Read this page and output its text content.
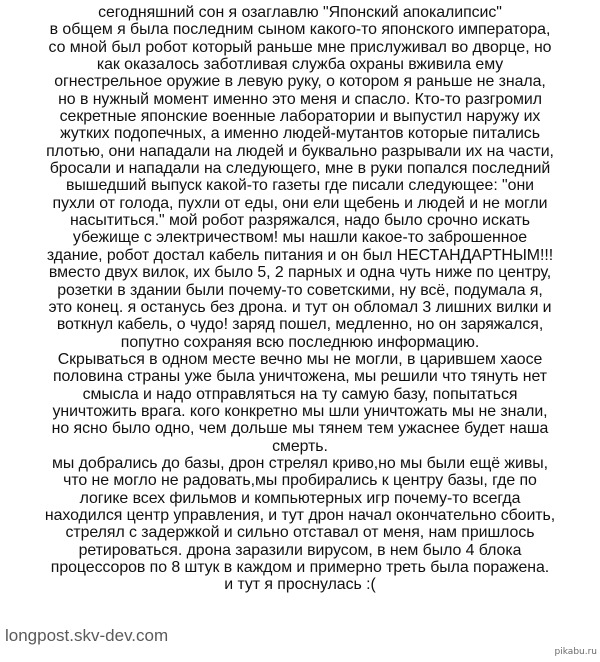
сегодняшний сон я озаглавлю "Японский апокалипсис"
в общем я была последним сыном какого-то японского императора,
со мной был робот который раньше мне прислуживал во дворце, но
как оказалось заботливая служба охраны вживила ему
огнестрельное оружие в левую руку, о котором я раньше не знала,
но в нужный момент именно это меня и спасло. Кто-то разгромил
секретные японские военные лаборатории и выпустил наружу их
жутких подопечных, а именно людей-мутантов которые питались
плотью, они нападали на людей и буквально разрывали их на части,
бросали и нападали на следующего, мне в руки попался последний
вышедший выпуск какой-то газеты где писали следующее: "они
пухли от голода, пухли от еды, они ели щебень и людей и не могли
насытиться." мой робот разряжался, надо было срочно искать
убежище с электричеством! мы нашли какое-то заброшенное
здание, робот достал кабель питания и он был НЕСТАНДАРТНЫМ!!!
вместо двух вилок, их было 5, 2 парных и одна чуть ниже по центру,
розетки в здании были почему-то советскими, ну всё, подумала я,
это конец. я останусь без дрона. и тут он обломал 3 лишних вилки и
воткнул кабель, о чудо! заряд пошел, медленно, но он заряжался,
попутно сохраняя всю последнюю информацию.
Скрываться в одном месте вечно мы не могли, в царившем хаосе
половина страны уже была уничтожена, мы решили что тянуть нет
смысла и надо отправляться на ту самую базу, попытаться
уничтожить врага. кого конкретно мы шли уничтожать мы не знали,
но ясно было одно, чем дольше мы тянем тем ужаснее будет наша
смерть.
мы добрались до базы, дрон стрелял криво,но мы были ещё живы,
что не могло не радовать,мы пробирались к центру базы, где по
логике всех фильмов и компьютерных игр почему-то всегда
находился центр управления, и тут дрон начал окончательно сбоить,
стрелял с задержкой и сильно отставал от меня, нам пришлось
ретироваться. дрона заразили вирусом, в нем было 4 блока
процессоров по 8 штук в каждом и примерно треть была поражена.
и тут я проснулась :(
longpost.skv-dev.com
pikabu.ru
